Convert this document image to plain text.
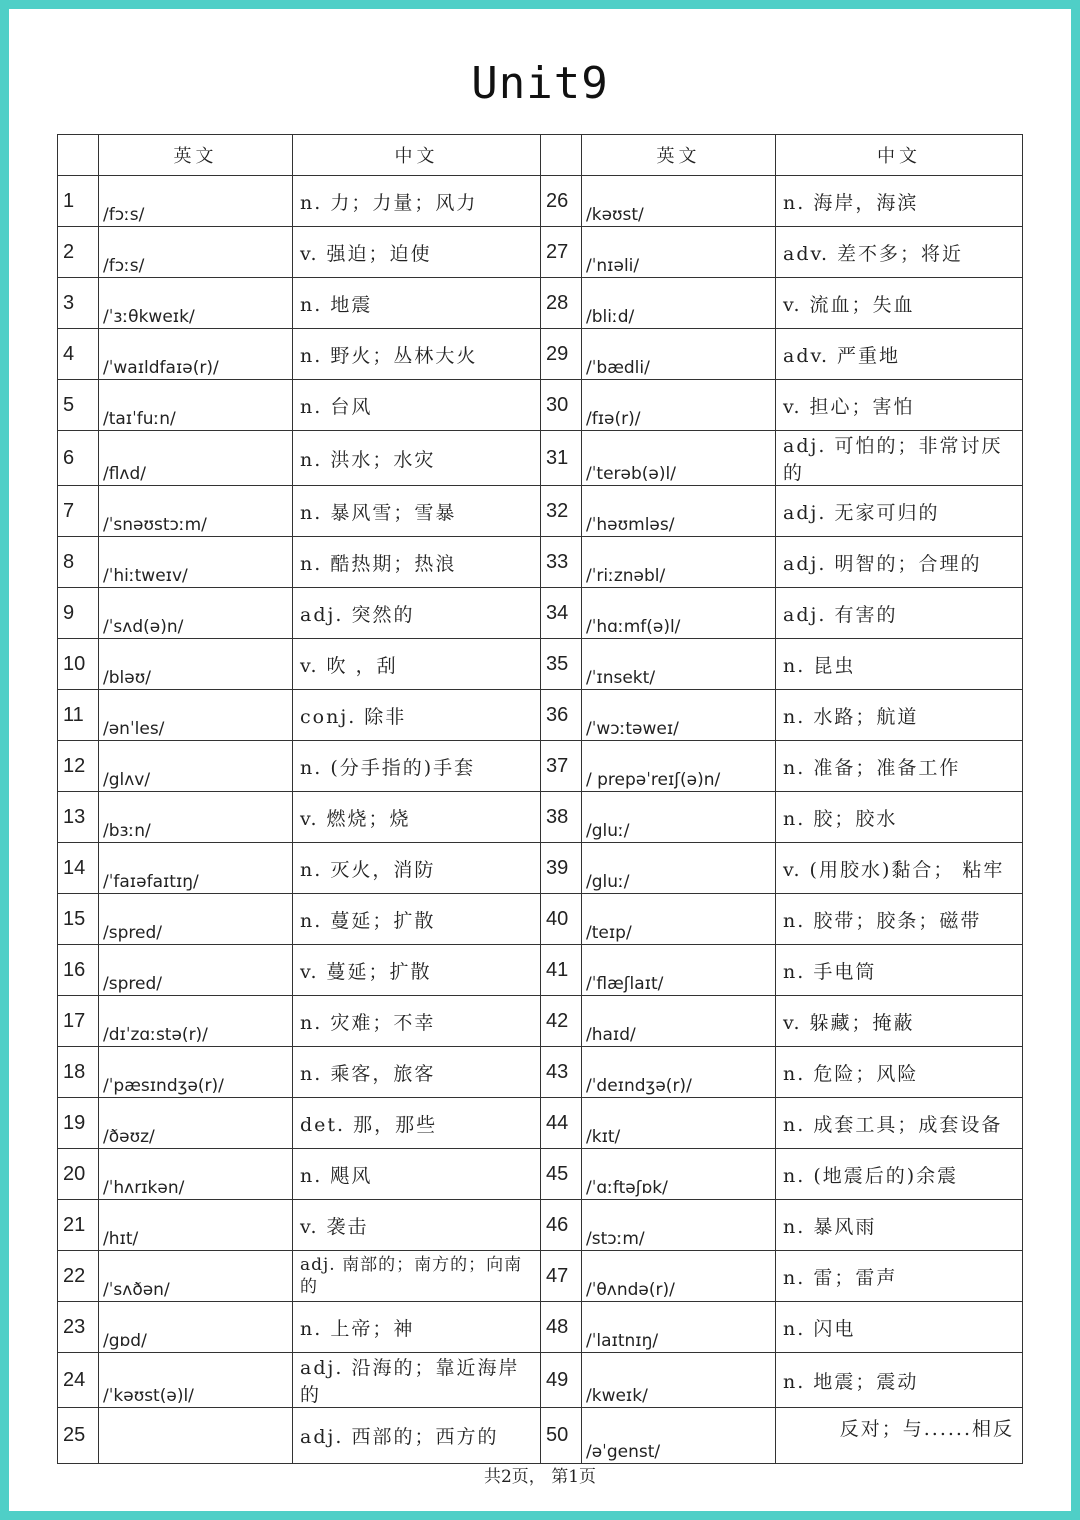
Unit9
	英文	中文		英文	中文
1	/fɔːs/	n. 力；力量；风力	26	/kəʊst/	n. 海岸，海滨
2	/fɔːs/	v. 强迫；迫使	27	/ˈnɪəli/	adv. 差不多；将近
3	/ˈɜːθkweɪk/	n. 地震	28	/bliːd/	v. 流血；失血
4	/ˈwaɪldfaɪə(r)/	n. 野火；丛林大火	29	/ˈbædli/	adv. 严重地
5	/taɪˈfuːn/	n. 台风	30	/fɪə(r)/	v. 担心；害怕
6	/flʌd/	n. 洪水；水灾	31	/ˈterəb(ə)l/	adj. 可怕的；非常讨厌的
7	/ˈsnəʊstɔːm/	n. 暴风雪；雪暴	32	/ˈhəʊmləs/	adj. 无家可归的
8	/ˈhiːtweɪv/	n. 酷热期；热浪	33	/ˈriːznəbl/	adj. 明智的；合理的
9	/ˈsʌd(ə)n/	adj. 突然的	34	/ˈhɑːmf(ə)l/	adj. 有害的
10	/bləʊ/	v. 吹 ，刮	35	/ˈɪnsekt/	n. 昆虫
11	/ənˈles/	conj. 除非	36	/ˈwɔːtəweɪ/	n. 水路；航道
12	/glʌv/	n. (分手指的)手套	37	/ prepəˈreɪʃ(ə)n/	n. 准备；准备工作
13	/bɜːn/	v. 燃烧；烧	38	/gluː/	n. 胶；胶水
14	/ˈfaɪəfaɪtɪŋ/	n. 灭火，消防	39	/gluː/	v. (用胶水)黏合； 粘牢
15	/spred/	n. 蔓延；扩散	40	/teɪp/	n. 胶带；胶条；磁带
16	/spred/	v. 蔓延；扩散	41	/ˈflæʃlaɪt/	n. 手电筒
17	/dɪˈzɑːstə(r)/	n. 灾难；不幸	42	/haɪd/	v. 躲藏；掩蔽
18	/ˈpæsɪndʒə(r)/	n. 乘客，旅客	43	/ˈdeɪndʒə(r)/	n. 危险；风险
19	/ðəʊz/	det. 那，那些	44	/kɪt/	n. 成套工具；成套设备
20	/ˈhʌrɪkən/	n. 飓风	45	/ˈɑːftəʃɒk/	n. (地震后的)余震
21	/hɪt/	v. 袭击	46	/stɔːm/	n. 暴风雨
22	/ˈsʌðən/	adj. 南部的；南方的；向南的	47	/ˈθʌndə(r)/	n. 雷；雷声
23	/gɒd/	n. 上帝；神	48	/ˈlaɪtnɪŋ/	n. 闪电
24	/ˈkəʊst(ə)l/	adj. 沿海的；靠近海岸的	49	/kweɪk/	n. 地震；震动
25		adj. 西部的；西方的	50	/əˈgenst/	反对；与......相反
共2页， 第1页
